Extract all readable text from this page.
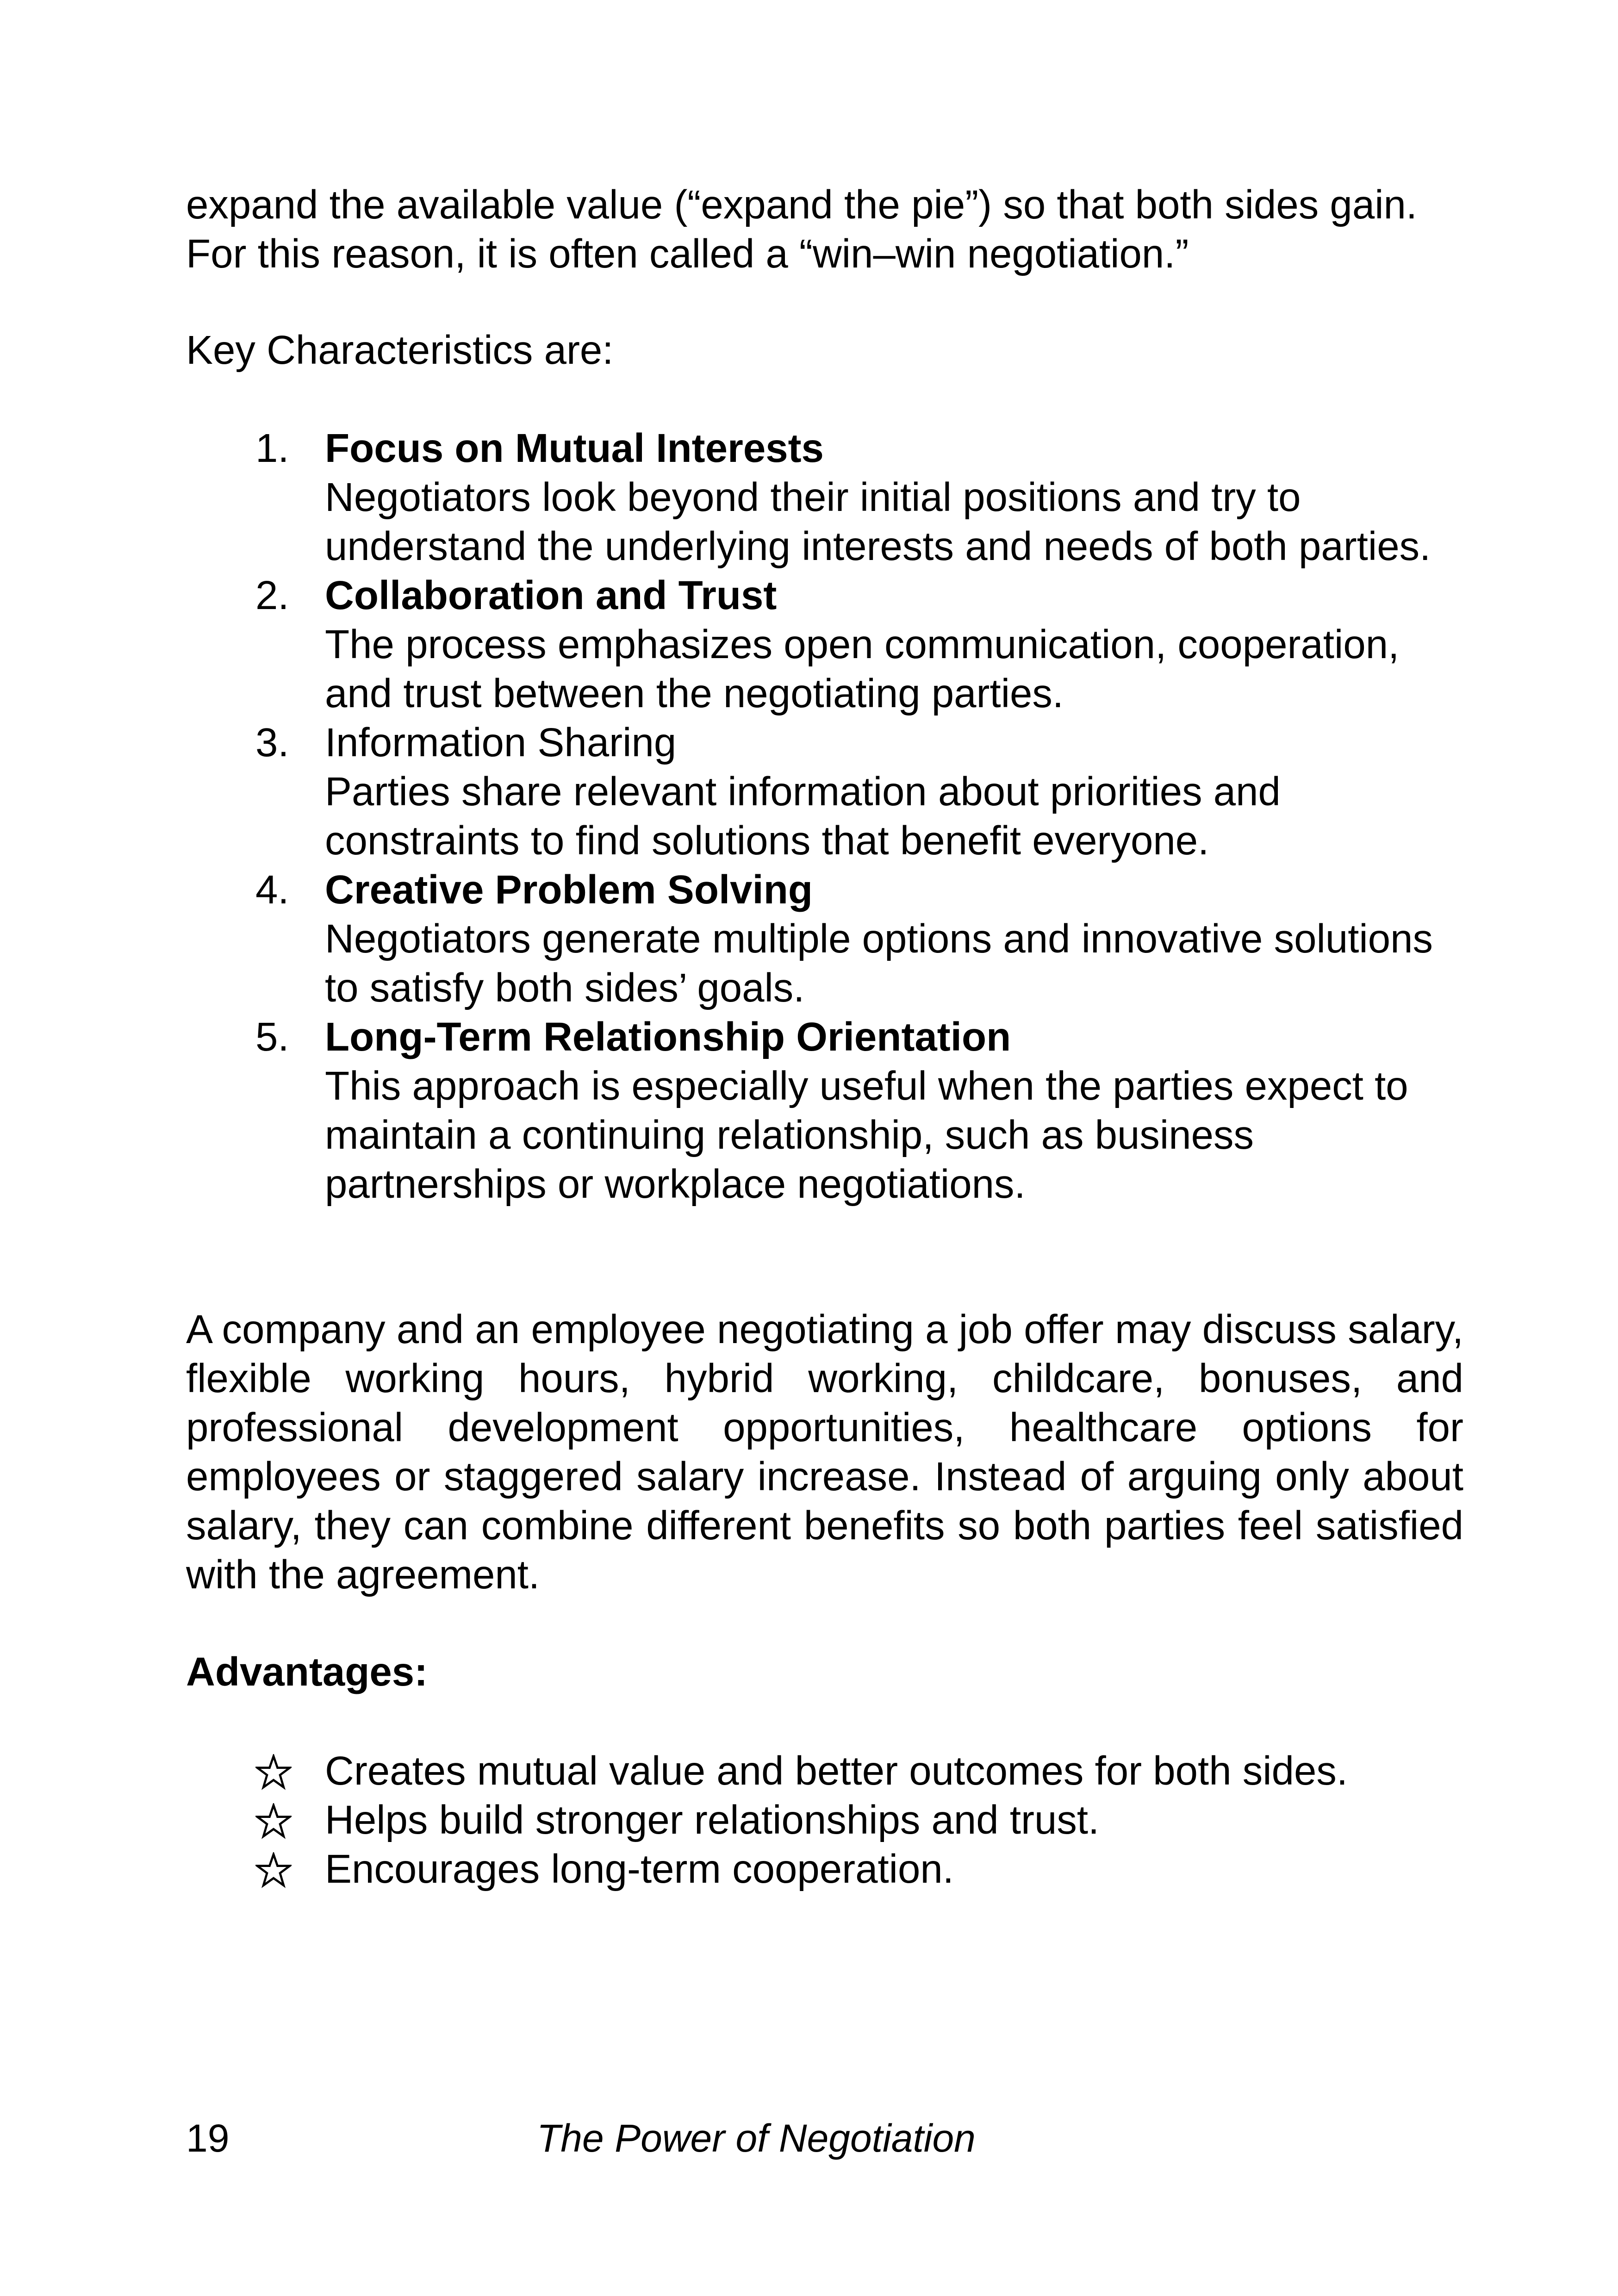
expand the available value (“expand the pie”) so that both sides gain.

For this reason, it is often called a “win–win negotiation.”

Key Characteristics are:
1. Focus on Mutual Interests
Negotiators look beyond their initial positions and try to understand the underlying interests and needs of both parties.
2. Collaboration and Trust
The process emphasizes open communication, cooperation, and trust between the negotiating parties.
3. Information Sharing
Parties share relevant information about priorities and constraints to find solutions that benefit everyone.
4. Creative Problem Solving
Negotiators generate multiple options and innovative solutions to satisfy both sides’ goals.
5. Long-Term Relationship Orientation
This approach is especially useful when the parties expect to maintain a continuing relationship, such as business partnerships or workplace negotiations.

A company and an employee negotiating a job offer may discuss salary, flexible working hours, hybrid working, childcare, bonuses, and professional development opportunities, healthcare options for employees or staggered salary increase. Instead of arguing only about salary, they can combine different benefits so both parties feel satisfied with the agreement.

Advantages:
Creates mutual value and better outcomes for both sides.
Helps build stronger relationships and trust.
Encourages long-term cooperation.
19	The Power of Negotiation
